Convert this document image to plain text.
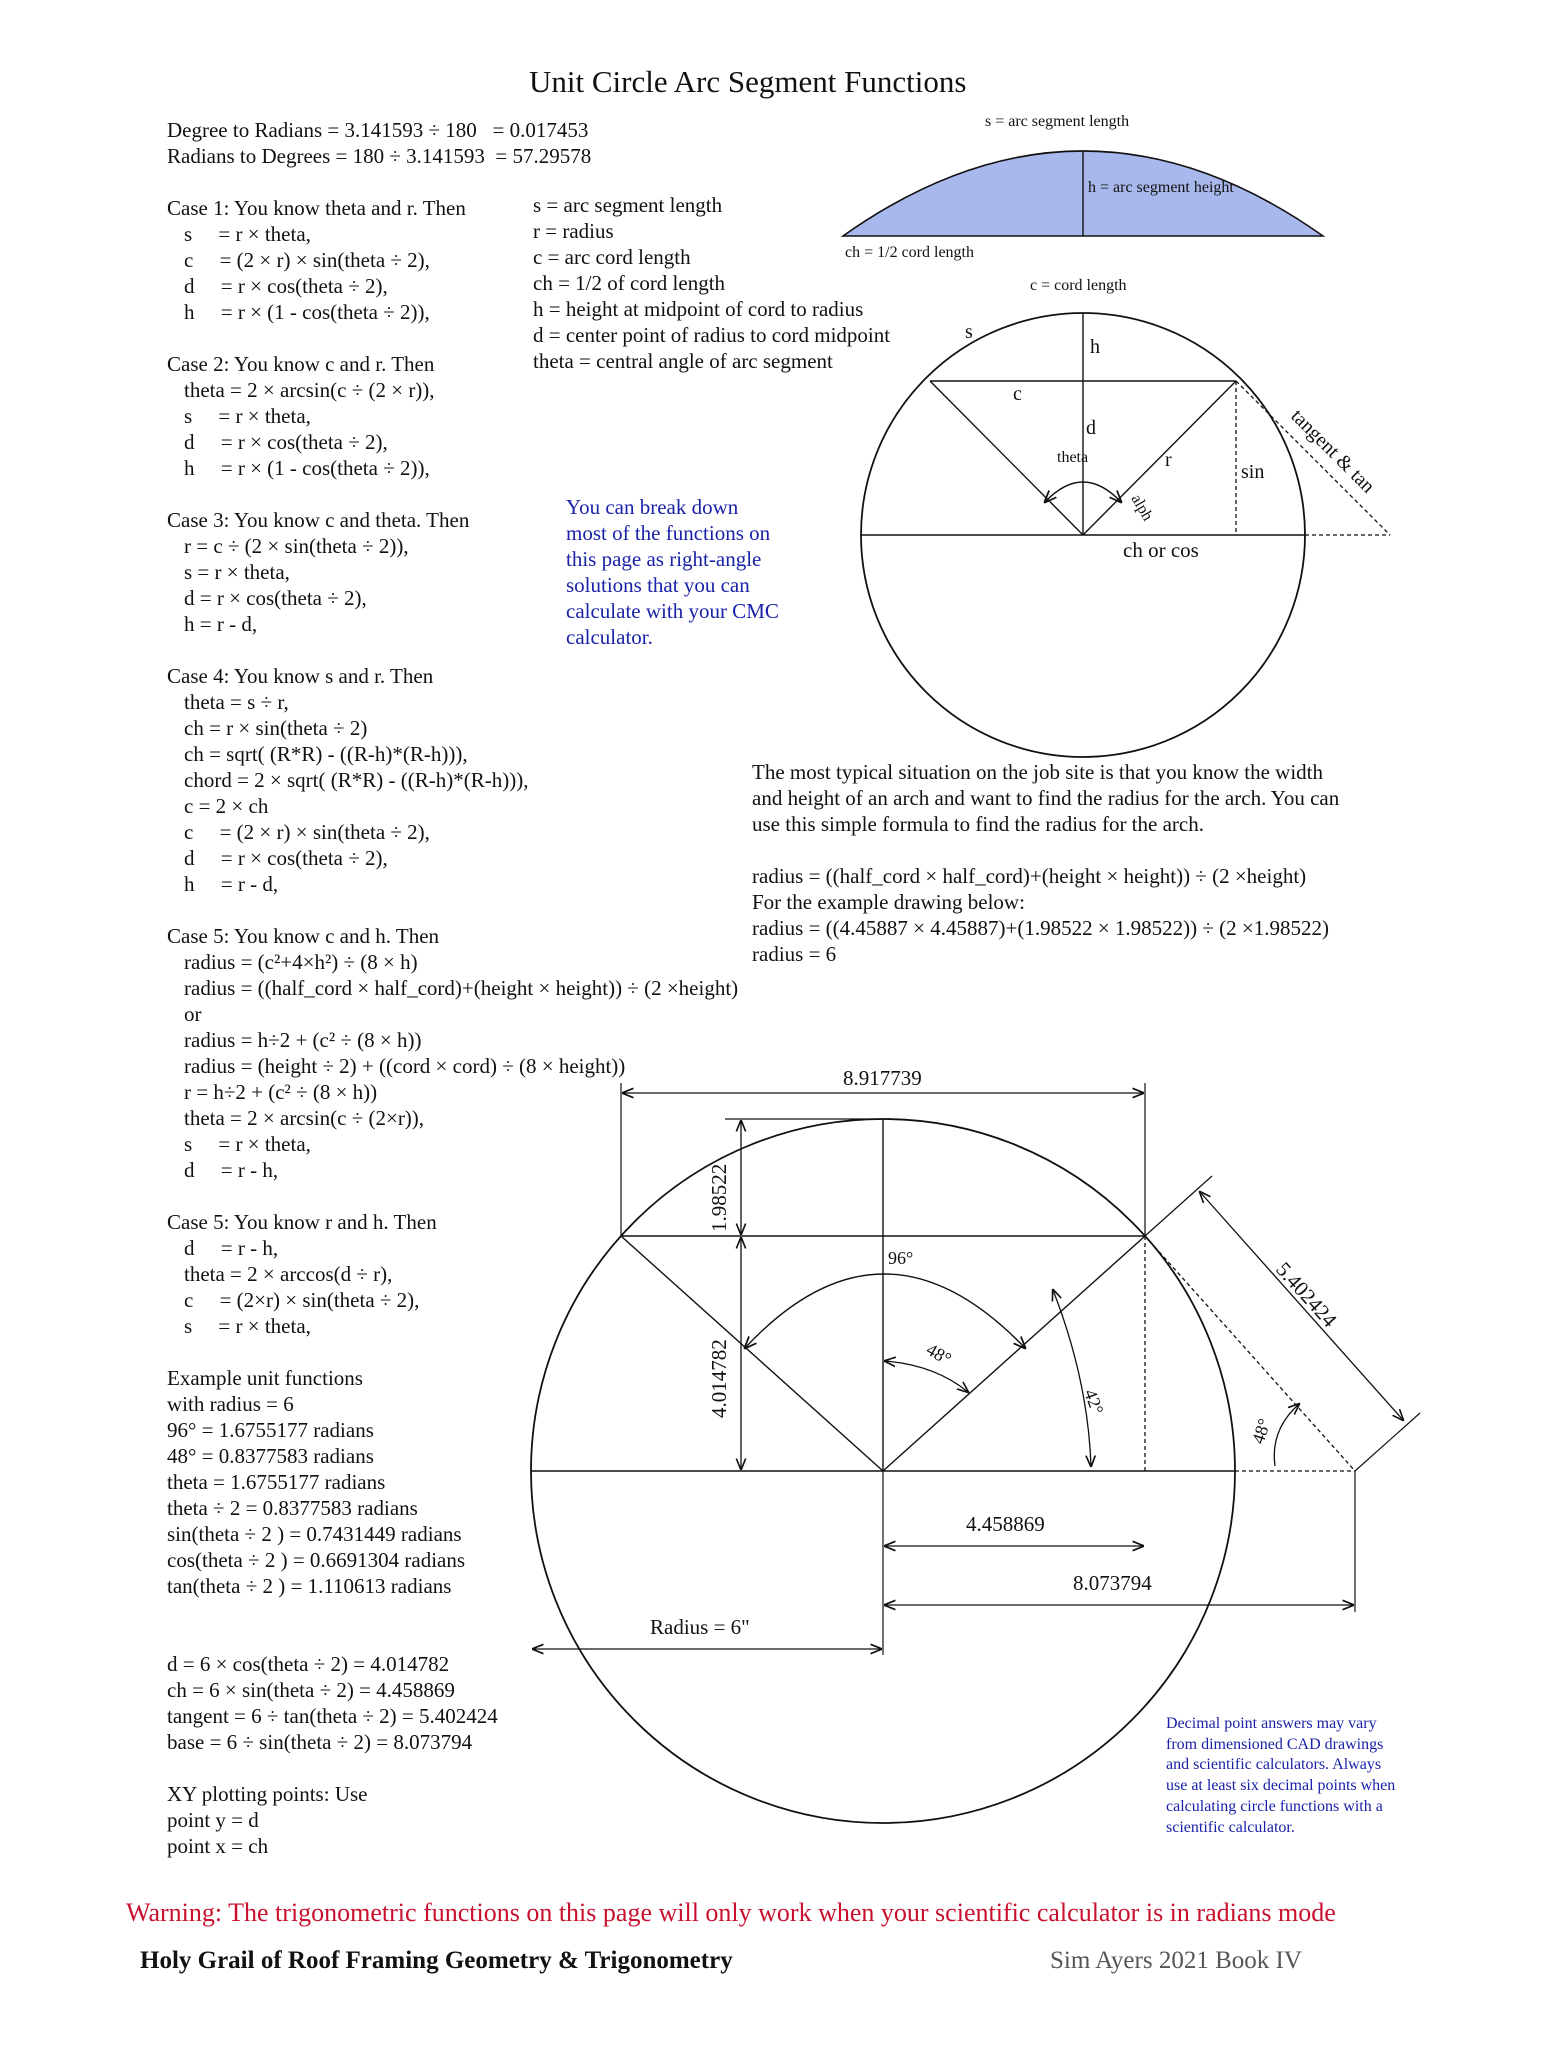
Unit Circle Arc Segment Functions
Degree to Radians = 3.141593 ÷ 180   = 0.017453
Radians to Degrees = 180 ÷ 3.141593  = 57.29578
Case 1: You know theta and r. Then
s     = r × theta,
c     = (2 × r) × sin(theta ÷ 2),
d     = r × cos(theta ÷ 2),
h     = r × (1 - cos(theta ÷ 2)),
s = arc segment length
r = radius
c = arc cord length
ch = 1/2 of cord length
h = height at midpoint of cord to radius
d = center point of radius to cord midpoint
theta = central angle of arc segment
Case 2: You know c and r. Then
theta = 2 × arcsin(c ÷ (2 × r)),
s     = r × theta,
d     = r × cos(theta ÷ 2),
h     = r × (1 - cos(theta ÷ 2)),
Case 3: You know c and theta. Then
r = c ÷ (2 × sin(theta ÷ 2)),
s = r × theta,
d = r × cos(theta ÷ 2),
h = r - d,
You can break down most of the functions on this page as right-angle solutions that you can calculate with your CMC calculator.
Case 4: You know s and r. Then
theta = s ÷ r,
ch = r × sin(theta ÷ 2)
ch = sqrt( (R*R) - ((R-h)*(R-h))),
chord = 2 × sqrt( (R*R) - ((R-h)*(R-h))),
c = 2 × ch
c     = (2 × r) × sin(theta ÷ 2),
d     = r × cos(theta ÷ 2),
h     = r - d,
The most typical situation on the job site is that you know the width
and height of an arch and want to find the radius for the arch. You can
use this simple formula to find the radius for the arch.
radius = ((half_cord × half_cord)+(height × height)) ÷ (2 ×height)
For the example drawing below:
radius = ((4.45887 × 4.45887)+(1.98522 × 1.98522)) ÷ (2 ×1.98522)
radius = 6
Case 5: You know c and h. Then
radius = (c²+4×h²) ÷ (8 × h)
radius = ((half_cord × half_cord)+(height × height)) ÷ (2 ×height)
or
radius = h÷2 + (c² ÷ (8 × h))
radius = (height ÷ 2) + ((cord × cord) ÷ (8 × height))
r = h÷2 + (c² ÷ (8 × h))
theta = 2 × arcsin(c ÷ (2×r)),
s     = r × theta,
d     = r - h,
Case 5: You know r and h. Then
d     = r - h,
theta = 2 × arccos(d ÷ r),
c     = (2×r) × sin(theta ÷ 2),
s     = r × theta,
Example unit functions
with radius = 6
96° = 1.6755177 radians
48° = 0.8377583 radians
theta = 1.6755177 radians
theta ÷ 2 = 0.8377583 radians
sin(theta ÷ 2 ) = 0.7431449 radians
cos(theta ÷ 2 ) = 0.6691304 radians
tan(theta ÷ 2 ) = 1.110613 radians
d = 6 × cos(theta ÷ 2) = 4.014782
ch = 6 × sin(theta ÷ 2) = 4.458869
tangent = 6 ÷ tan(theta ÷ 2) = 5.402424
base = 6 ÷ sin(theta ÷ 2) = 8.073794
XY plotting points: Use
point y = d
point x = ch
Decimal point answers may vary from dimensioned CAD drawings and scientific calculators. Always use at least six decimal points when calculating circle functions with a scientific calculator.
Warning: The trigonometric functions on this page will only work when your scientific calculator is in radians mode
Holy Grail of Roof Framing Geometry & Trigonometry	Sim Ayers 2021 Book IV
s = arc segment length
h = arc segment height
ch = 1/2 cord length
c = cord length
s
h
c
d
theta	r
alph
sin tangent & tan
ch or cos
8.917739
1.98522
4.014782
96°
48°
42°
48°
5.402424
4.458869
8.073794
Radius = 6"
